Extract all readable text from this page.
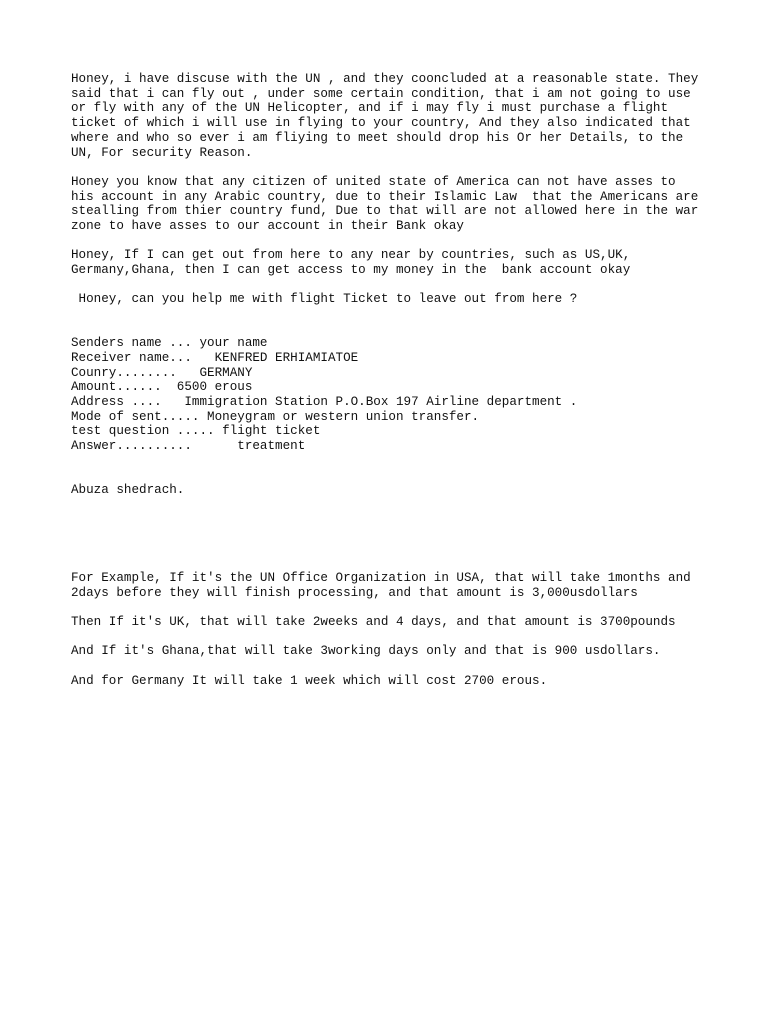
Honey, i have discuse with the UN , and they cooncluded at a reasonable state. They
said that i can fly out , under some certain condition, that i am not going to use
or fly with any of the UN Helicopter, and if i may fly i must purchase a flight
ticket of which i will use in flying to your country, And they also indicated that
where and who so ever i am fliying to meet should drop his Or her Details, to the
UN, For security Reason.

Honey you know that any citizen of united state of America can not have asses to
his account in any Arabic country, due to their Islamic Law  that the Americans are
stealling from thier country fund, Due to that will are not allowed here in the war
zone to have asses to our account in their Bank okay

Honey, If I can get out from here to any near by countries, such as US,UK,
Germany,Ghana, then I can get access to my money in the  bank account okay

Honey, can you help me with flight Ticket to leave out from here ?

Senders name ... your name

Receiver name...   KENFRED ERHIAMIATOE

Counry........   GERMANY

Amount......  6500 erous

Address ....   Immigration Station P.O.Box 197 Airline department .

Mode of sent..... Moneygram or western union transfer.

test question ..... flight ticket

Answer..........      treatment

Abuza shedrach.

For Example, If it's the UN Office Organization in USA, that will take 1months and
2days before they will finish processing, and that amount is 3,000usdollars

Then If it's UK, that will take 2weeks and 4 days, and that amount is 3700pounds

And If it's Ghana,that will take 3working days only and that is 900 usdollars.

And for Germany It will take 1 week which will cost 2700 erous.
